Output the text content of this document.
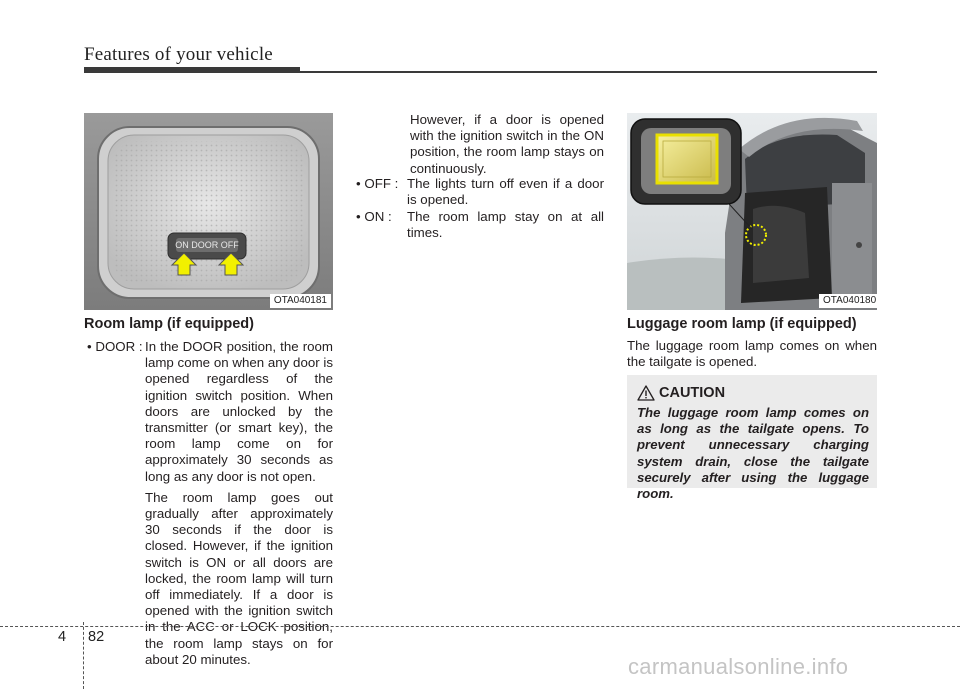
Features of your vehicle
ON DOOR OFF
OTA040181	OTA040180
Room lamp (if equipped)
• DOOR : In the DOOR position, the room lamp come on when any door is opened regardless of the ignition switch position. When doors are unlocked by the transmitter (or smart key), the room lamp come on for approximately 30 seconds as long as any door is not open.

The room lamp goes out gradually after approximately 30 seconds if the door is closed. However, if the ignition switch is ON or all doors are locked, the room lamp will turn off immediately. If a door is opened with the ignition switch in the ACC or LOCK position, the room lamp stays on for about 20 minutes.

However, if a door is opened with the ignition switch in the ON position, the room lamp stays on continuously.
• OFF : The lights turn off even if a door is opened.
• ON : The room lamp stay on at all times.
Luggage room lamp (if equipped)
The luggage room lamp comes on when the tailgate is opened.
CAUTION
The luggage room lamp comes on as long as the tailgate opens. To prevent unnecessary charging system drain, close the tailgate securely after using the luggage room.
4 82
carmanualsonline.info
